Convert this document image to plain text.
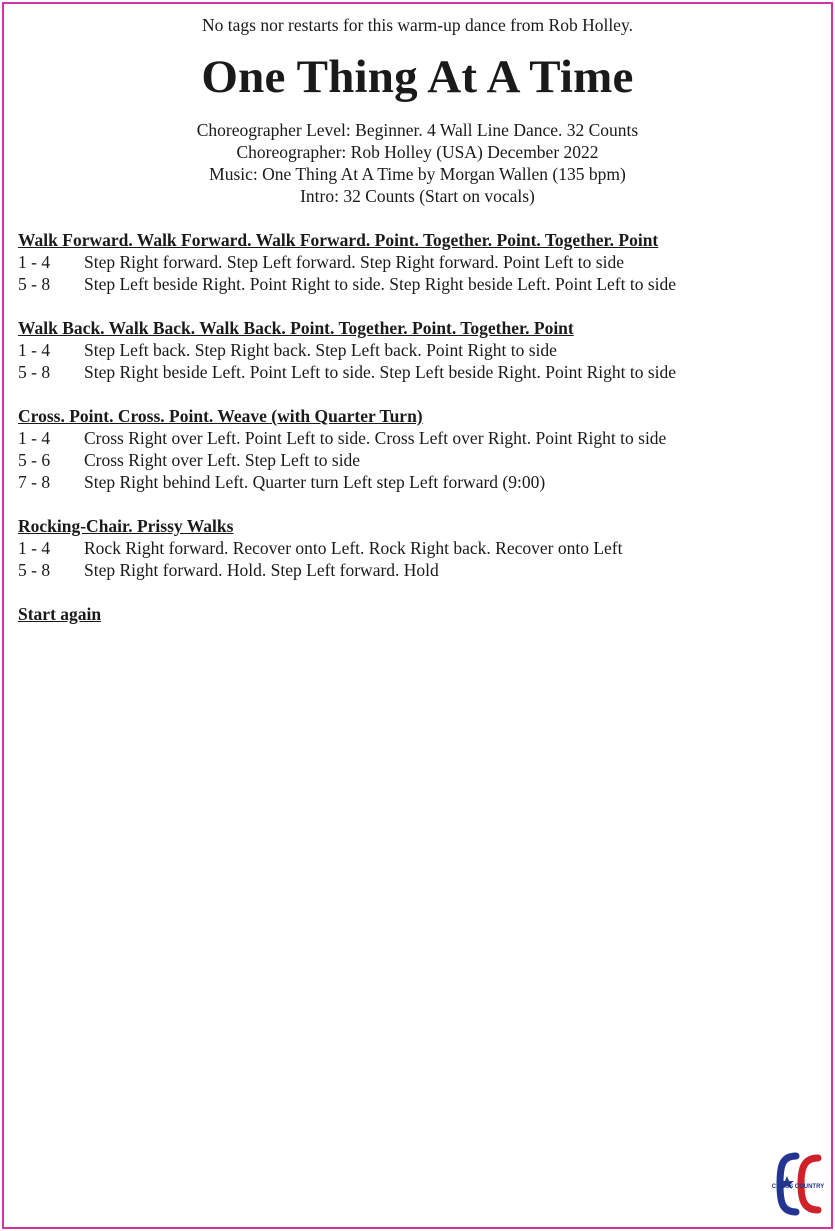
No tags nor restarts for this warm-up dance from Rob Holley.
One Thing At A Time
Choreographer Level: Beginner. 4 Wall Line Dance. 32 Counts
Choreographer: Rob Holley (USA) December 2022
Music: One Thing At A Time by Morgan Wallen (135 bpm)
Intro: 32 Counts (Start on vocals)
Walk Forward. Walk Forward. Walk Forward. Point. Together. Point. Together. Point
1 - 4	Step Right forward. Step Left forward. Step Right forward. Point Left to side
5 - 8	Step Left beside Right. Point Right to side. Step Right beside Left. Point Left to side
Walk Back. Walk Back. Walk Back. Point. Together. Point. Together. Point
1 - 4	Step Left back. Step Right back. Step Left back. Point Right to side
5 - 8	Step Right beside Left. Point Left to side. Step Left beside Right. Point Right to side
Cross. Point. Cross. Point. Weave (with Quarter Turn)
1 - 4	Cross Right over Left. Point Left to side. Cross Left over Right. Point Right to side
5 - 6	Cross Right over Left. Step Left to side
7 - 8	Step Right behind Left. Quarter turn Left step Left forward (9:00)
Rocking-Chair. Prissy Walks
1 - 4	Rock Right forward. Recover onto Left. Rock Right back. Recover onto Left
5 - 8	Step Right forward. Hold. Step Left forward. Hold
Start again
CROSS COUNTRY
